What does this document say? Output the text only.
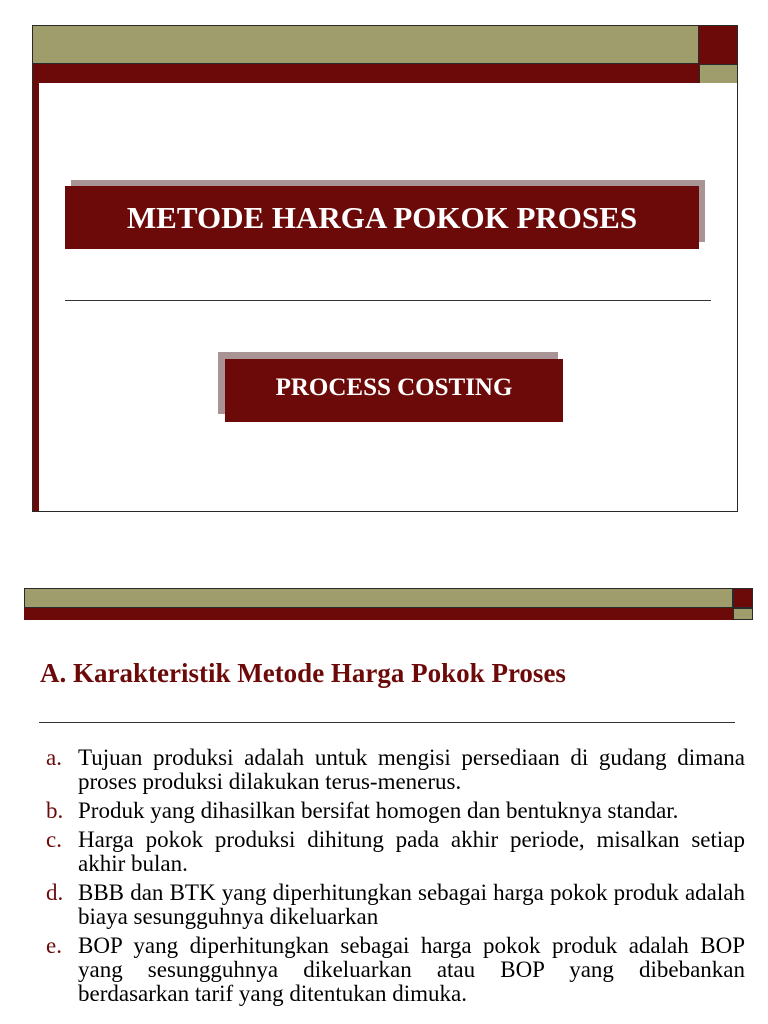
METODE HARGA POKOK PROSES
PROCESS COSTING
A. Karakteristik Metode Harga Pokok Proses
a. Tujuan produksi adalah untuk mengisi persediaan di gudang dimana proses produksi dilakukan terus-menerus.
b. Produk yang dihasilkan bersifat homogen dan bentuknya standar.
c. Harga pokok produksi dihitung pada akhir periode, misalkan setiap akhir bulan.
d. BBB dan BTK yang diperhitungkan sebagai harga pokok produk adalah biaya sesungguhnya dikeluarkan
e. BOP yang diperhitungkan sebagai harga pokok produk adalah BOP yang sesungguhnya dikeluarkan atau BOP yang dibebankan berdasarkan tarif yang ditentukan dimuka.
